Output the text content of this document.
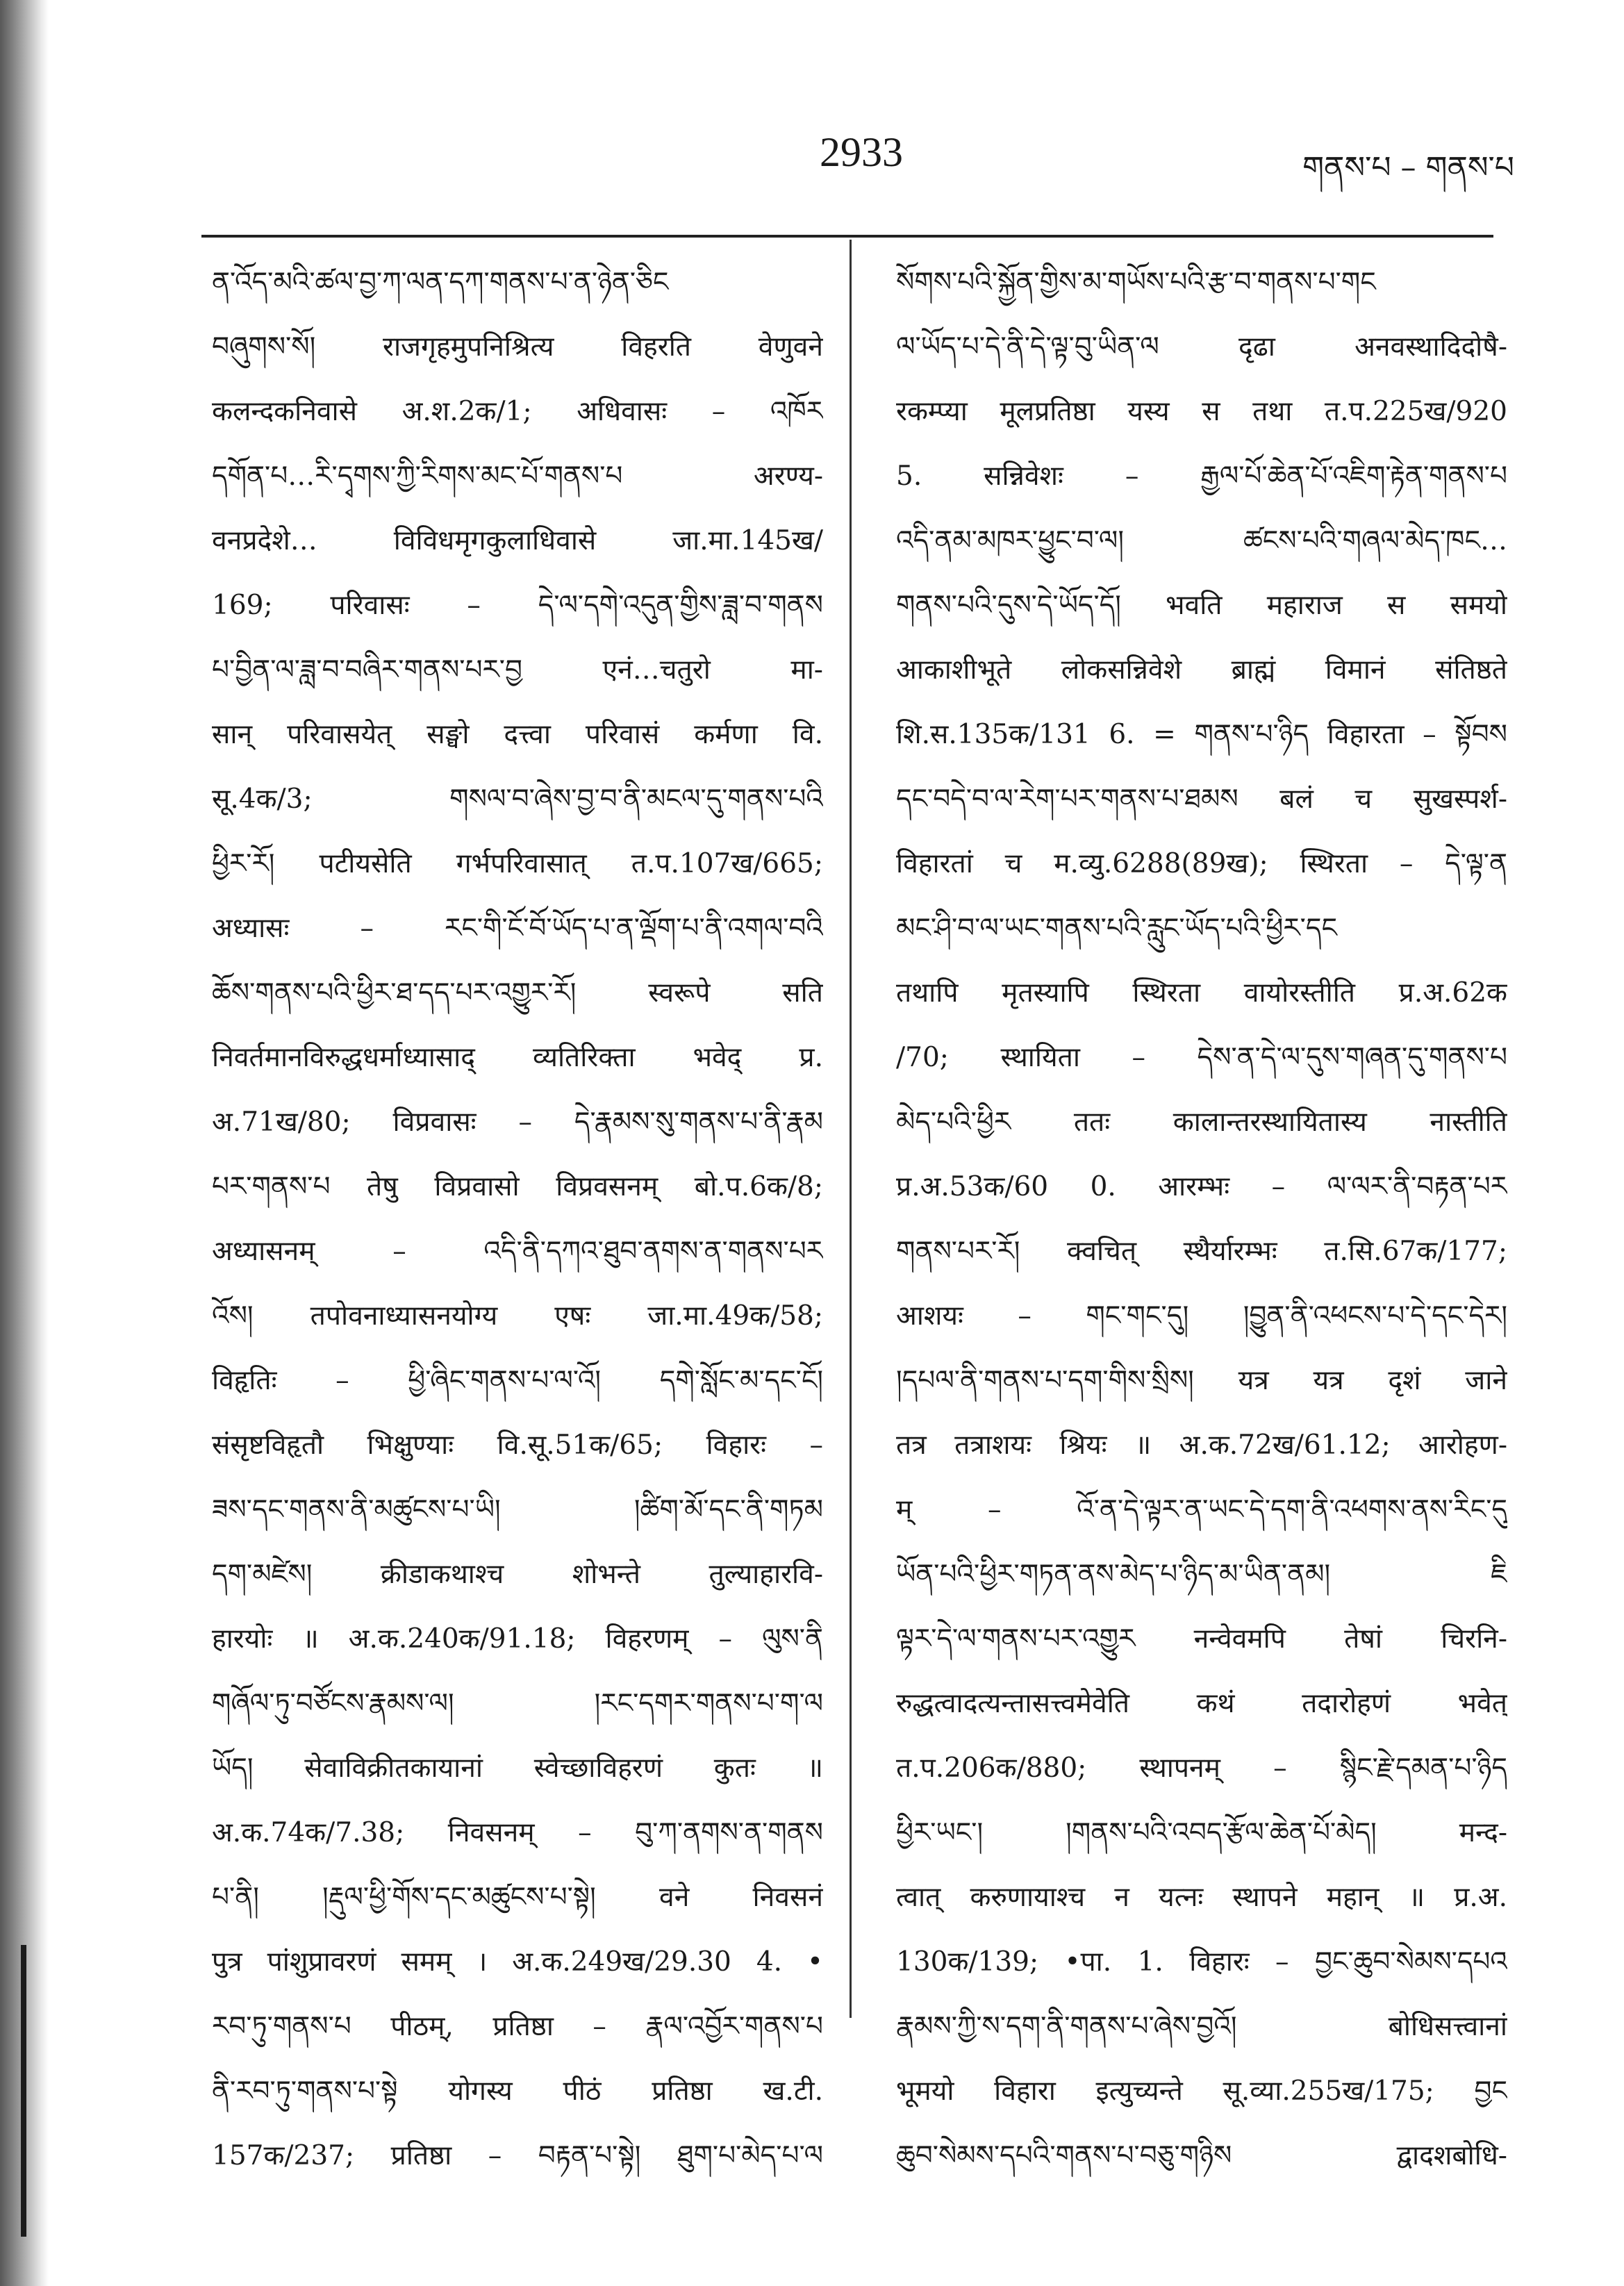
2933	གནས་པ – གནས་པ
ན་འོད་མའི་ཚལ་བྱ་ཀ་ལན་དཀ་གནས་པ་ན་ཉེན་ཅིང
བཞུགས་སོ། राजगृहमुपनिश्रित्य विहरति वेणुवने
कलन्दकनिवासे अ.श.2क/1; अधिवासः – འཁོར
དགོན་པ…རི་དྭགས་ཀྱི་རིགས་མང་པོ་གནས་པ अरण्य-
वनप्रदेशे… विविधमृगकुलाधिवासे जा.मा.145ख/
169; परिवासः – དེ་ལ་དགེ་འདུན་གྱིས་ཟླ་བ་གནས
པ་བྱིན་ལ་ཟླ་བ་བཞིར་གནས་པར་བྱ एनं…चतुरो मा-
सान् परिवासयेत् सङ्घो दत्त्वा परिवासं कर्मणा वि.
सू.4क/3; གསལ་བ་ཞེས་བྱ་བ་ནི་མངལ་དུ་གནས་པའི
ཕྱིར་རོ། पटीयसेति गर्भपरिवासात् त.प.107ख/665;
अध्यासः – རང་གི་ངོ་བོ་ཡོད་པ་ན་ལྡོག་པ་ནི་འགལ་བའི
ཆོས་གནས་པའི་ཕྱིར་ཐ་དད་པར་འགྱུར་རོ། स्वरूपे सति
निवर्तमानविरुद्धधर्माध्यासाद् व्यतिरिक्ता भवेद् प्र.
अ.71ख/80; विप्रवासः – དེ་རྣམས་སུ་གནས་པ་ནི་རྣམ
པར་གནས་པ तेषु विप्रवासो विप्रवसनम् बो.प.6क/8;
अध्यासनम् – འདི་ནི་དཀའ་ཐུབ་ནགས་ན་གནས་པར
འོས། तपोवनाध्यासनयोग्य एषः जा.मा.49क/58;
विहृतिः – ཕྱི་ཞིང་གནས་པ་ལ་འོ། དགེ་སློང་མ་དང་ངོ།
संसृष्टविहृतौ भिक्षुण्याः वि.सू.51क/65; विहारः –
ཟས་དང་གནས་ནི་མཚུངས་པ་ཡི། །ཚིག་མོ་དང་ནི་གཏམ
དག་མཛེས། क्रीडाकथाश्च शोभन्ते तुल्याहारवि-
हारयोः ॥ अ.क.240क/91.18; विहरणम् – ལུས་ནི
གཞོལ་ཏུ་བཙོངས་རྣམས་ལ། །རང་དགར་གནས་པ་ག་ལ
ཡོད། सेवाविक्रीतकायानां स्वेच्छाविहरणं कुतः ॥
अ.क.74क/7.38; निवसनम् – བུ་ཀ་ནགས་ན་གནས
པ་ནི། །རྡུལ་ཕྱི་གོས་དང་མཚུངས་པ་སྟེ། वने निवसनं
पुत्र पांशुप्रावरणं समम् । अ.क.249ख/29.30 4. •
རབ་ཏུ་གནས་པ पीठम्, प्रतिष्ठा – རྣལ་འབྱོར་གནས་པ
ནི་རབ་ཏུ་གནས་པ་སྟེ योगस्य पीठं प्रतिष्ठा ख.टी.
157क/237; प्रतिष्ठा – བརྟན་པ་སྟེ། ཐུག་པ་མེད་པ་ལ
སོགས་པའི་སྐྱོན་གྱིས་མ་གཡོས་པའི་རྩ་བ་གནས་པ་གང
ལ་ཡོད་པ་དེ་ནི་དེ་ལྟ་བུ་ཡིན་ལ दृढा अनवस्थादिदोषै-
रकम्प्या मूलप्रतिष्ठा यस्य स तथा त.प.225ख/920
5. सन्निवेशः – རྒྱལ་པོ་ཆེན་པོ་འཇིག་རྟེན་གནས་པ
འདི་ནམ་མཁར་ཕྱུང་བ་ལ། ཚངས་པའི་གཞལ་མེད་ཁང…
གནས་པའི་དུས་དེ་ཡོད་དོ། भवति महाराज स समयो
आकाशीभूते लोकसन्निवेशे ब्राह्मं विमानं संतिष्ठते
शि.स.135क/131 6. = གནས་པ་ཉིད विहारता – སྟོབས
དང་བདེ་བ་ལ་རེག་པར་གནས་པ་ཐམས बलं च सुखस्पर्श-
विहारतां च म.व्यु.6288(89ख); स्थिरता – དེ་ལྟ་ན
མང་ཤི་བ་ལ་ཡང་གནས་པའི་རླུང་ཡོད་པའི་ཕྱིར་དང
तथापि मृतस्यापि स्थिरता वायोरस्तीति प्र.अ.62क
/70; स्थायिता – དེས་ན་དེ་ལ་དུས་གཞན་དུ་གནས་པ
མེད་པའི་ཕྱིར ततः कालान्तरस्थायितास्य नास्तीति
प्र.अ.53क/60 0. आरम्भः – ལ་ལར་ནི་བརྟན་པར
གནས་པར་རོ། क्वचित् स्थैर्यारम्भः त.सि.67क/177;
आशयः – གང་གང་དུ། །བྱུན་ནི་འཕངས་པ་དེ་དང་དེར།
།དཔལ་ནི་གནས་པ་དག་གིས་སྲིས། यत्र यत्र दृशं जाने
तत्र तत्राशयः श्रियः ॥ अ.क.72ख/61.12; आरोहण-
म् – འོ་ན་དེ་ལྟར་ན་ཡང་དེ་དག་ནི་འཕགས་ནས་རིང་དུ
ཡོན་པའི་ཕྱིར་གཏན་ནས་མེད་པ་ཉིད་མ་ཡིན་ནམ། ཇི
ལྟར་དེ་ལ་གནས་པར་འགྱུར नन्वेवमपि तेषां चिरनि-
रुद्धत्वादत्यन्तासत्त्वमेवेति कथं तदारोहणं भवेत्
त.प.206क/880; स्थापनम् – སྙིང་རྗེ་དམན་པ་ཉིད
ཕྱིར་ཡང་། །གནས་པའི་འབད་རྩོལ་ཆེན་པོ་མེད། मन्द-
त्वात् करुणायाश्च न यत्नः स्थापने महान् ॥ प्र.अ.
130क/139; •पा. 1. विहारः – བྱང་ཆུབ་སེམས་དཔའ
རྣམས་ཀྱི་ས་དག་ནི་གནས་པ་ཞེས་བྱའོ། बोधिसत्त्वानां
भूमयो विहारा इत्युच्यन्ते सू.व्या.255ख/175; བྱང
ཆུབ་སེམས་དཔའི་གནས་པ་བཅུ་གཉིས द्वादशबोधि-
